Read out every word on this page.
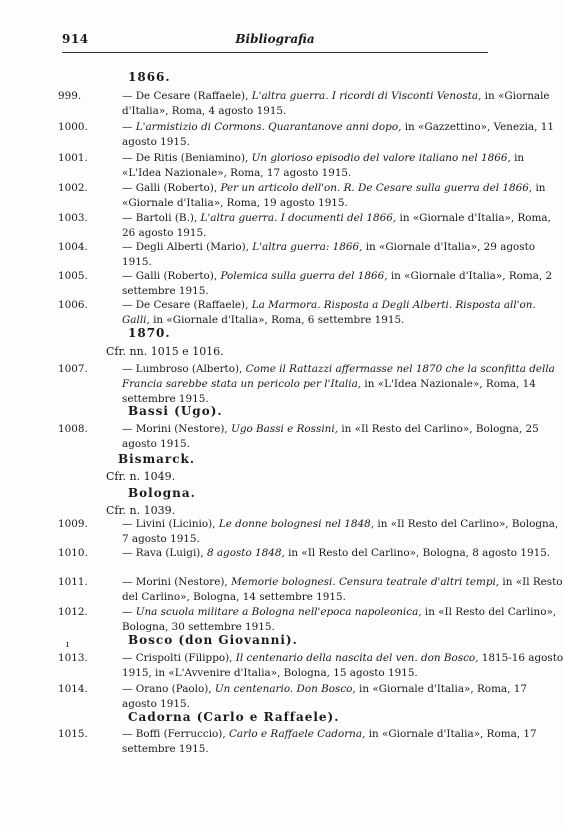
914	Bibliografia
1866.

999.	— De Cesare (Raffaele), L'altra guerra. I ricordi di Visconti Venosta, in «Giornale d'Italia», Roma, 4 agosto 1915.

1000.	— L'armistizio di Cormons. Quarantanove anni dopo, in «Gazzettino», Venezia, 11 agosto 1915.

1001.	— De Ritis (Beniamino), Un glorioso episodio del valore italiano nel 1866, in «L'Idea Nazionale», Roma, 17 agosto 1915.

1002.	— Galli (Roberto), Per un articolo dell'on. R. De Cesare sulla guerra del 1866, in «Giornale d'Italia», Roma, 19 agosto 1915.

1003.	— Bartoli (B.), L'altra guerra. I documenti del 1866, in «Giornale d'Italia», Roma, 26 agosto 1915.

1004.	— Degli Alberti (Mario), L'altra guerra: 1866, in «Giornale d'Italia», 29 agosto 1915.

1005.	— Galli (Roberto), Polemica sulla guerra del 1866, in «Giornale d'Italia», Roma, 2 settembre 1915.

1006.	— De Cesare (Raffaele), La Marmora. Risposta a Degli Alberti. Risposta all'on. Galli, in «Giornale d'Italia», Roma, 6 settembre 1915.

1870.
Cfr. nn. 1015 e 1016.

1007.	— Lumbroso (Alberto), Come il Rattazzi affermasse nel 1870 che la sconfitta della Francia sarebbe stata un pericolo per l'Italia, in «L'Idea Nazionale», Roma, 14 settembre 1915.

Bassi (Ugo).

1008.	— Morini (Nestore), Ugo Bassi e Rossini, in «Il Resto del Carlino», Bologna, 25 agosto 1915.

Bismarck.
Cfr. n. 1049.
Bologna.
Cfr. n. 1039.

1009.	— Livini (Licinio), Le donne bolognesi nel 1848, in «Il Resto del Carlino», Bologna, 7 agosto 1915.

1010.	— Rava (Luigi), 8 agosto 1848, in «Il Resto del Carlino», Bologna, 8 agosto 1915.

1011.	— Morini (Nestore), Memorie bolognesi. Censura teatrale d'altri tempi, in «Il Resto del Carlino», Bologna, 14 settembre 1915.

1012.	— Una scuola militare a Bologna nell'epoca napoleonica, in «Il Resto del Carlino», Bologna, 30 settembre 1915.

ı	Bosco (don Giovanni).

1013.	— Crispolti (Filippo), Il centenario della nascita del ven. don Bosco, 1815-16 agosto 1915, in «L'Avvenire d'Italia», Bologna, 15 agosto 1915.

1014.	— Orano (Paolo), Un centenario. Don Bosco, in «Giornale d'Italia», Roma, 17 agosto 1915.

Cadorna (Carlo e Raffaele).

1015.	— Boffi (Ferruccio), Carlo e Raffaele Cadorna, in «Giornale d'Italia», Roma, 17 settembre 1915.
